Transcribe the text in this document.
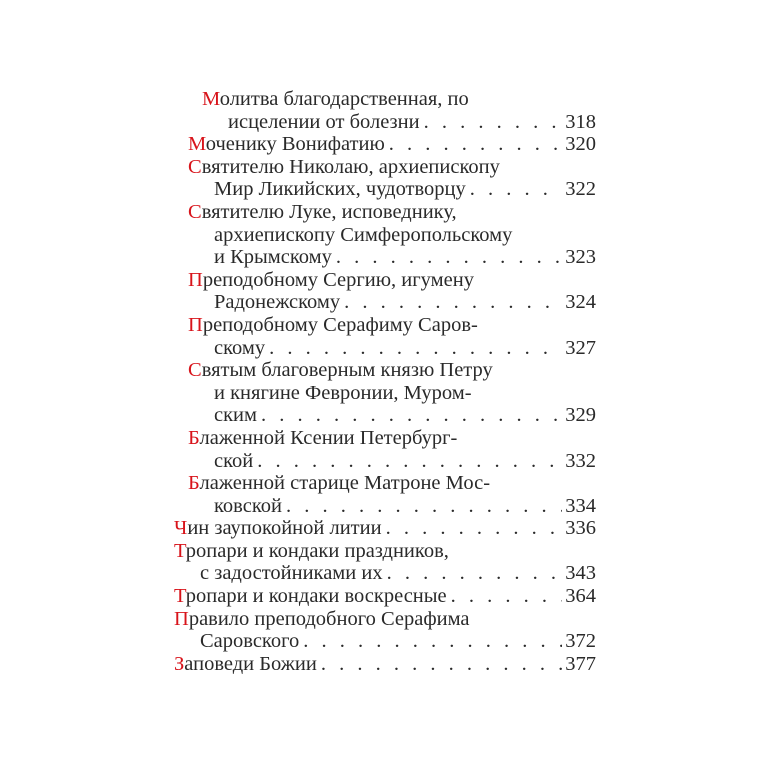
Молитва благодарственная, по
исцелении от болезни . . .	318
Моченику Вонифатию . . .	320
Святителю Николаю, архиепископу
Мир Ликийских, чудотворцу . . .	322
Святителю Луке, исповеднику,
архиепископу Симферопольскому
и Крымскому . . .	323
Преподобному Сергию, игумену
Радонежскому . . .	324
Преподобному Серафиму Саров-
скому . . .	327
Святым благоверным князю Петру
и княгине Февронии, Муром-
ским . . .	329
Блаженной Ксении Петербург-
ской . . .	332
Блаженной старице Матроне Мос-
ковской . . .	334
Чин заупокойной литии . . .	336
Тропари и кондаки праздников,
с задостойниками их . . .	343
Тропари и кондаки воскресные . . .	364
Правило преподобного Серафима
Саровского . . .	372
Заповеди Божии . . .	377
